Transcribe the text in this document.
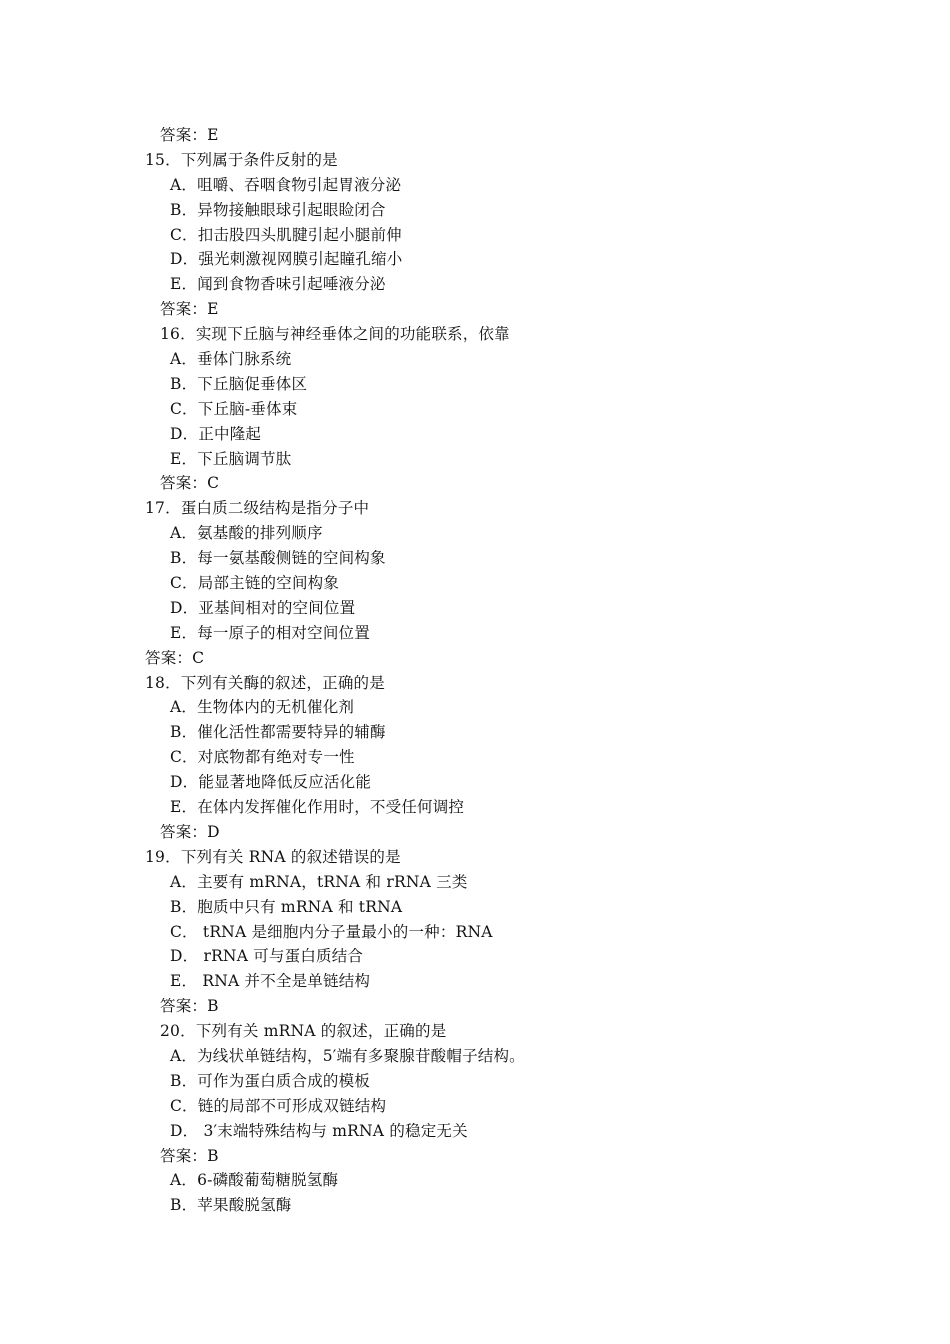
答案：E
15．下列属于条件反射的是
A．咀嚼、吞咽食物引起胃液分泌
B．异物接触眼球引起眼睑闭合
C．扣击股四头肌腱引起小腿前伸
D．强光刺激视网膜引起瞳孔缩小
E．闻到食物香味引起唾液分泌
答案：E
16．实现下丘脑与神经垂体之间的功能联系，依靠
A．垂体门脉系统
B．下丘脑促垂体区
C．下丘脑-垂体束
D．正中隆起
E．下丘脑调节肽
答案：C
17．蛋白质二级结构是指分子中
A．氨基酸的排列顺序
B．每一氨基酸侧链的空间构象
C．局部主链的空间构象
D．亚基间相对的空间位置
E．每一原子的相对空间位置
答案：C
18．下列有关酶的叙述，正确的是
A．生物体内的无机催化剂
B．催化活性都需要特异的辅酶
C．对底物都有绝对专一性
D．能显著地降低反应活化能
E．在体内发挥催化作用时，不受任何调控
答案：D
19．下列有关 RNA 的叙述错误的是
A．主要有 mRNA，tRNA 和 rRNA 三类
B．胞质中只有 mRNA 和 tRNA
C． tRNA 是细胞内分子量最小的一种：RNA
D． rRNA 可与蛋白质结合
E． RNA 并不全是单链结构
答案：B
20．下列有关 mRNA 的叙述，正确的是
A．为线状单链结构，5′端有多聚腺苷酸帽子结构。
B．可作为蛋白质合成的模板
C．链的局部不可形成双链结构
D． 3′末端特殊结构与 mRNA 的稳定无关
答案：B
A．6-磷酸葡萄糖脱氢酶
B．苹果酸脱氢酶
